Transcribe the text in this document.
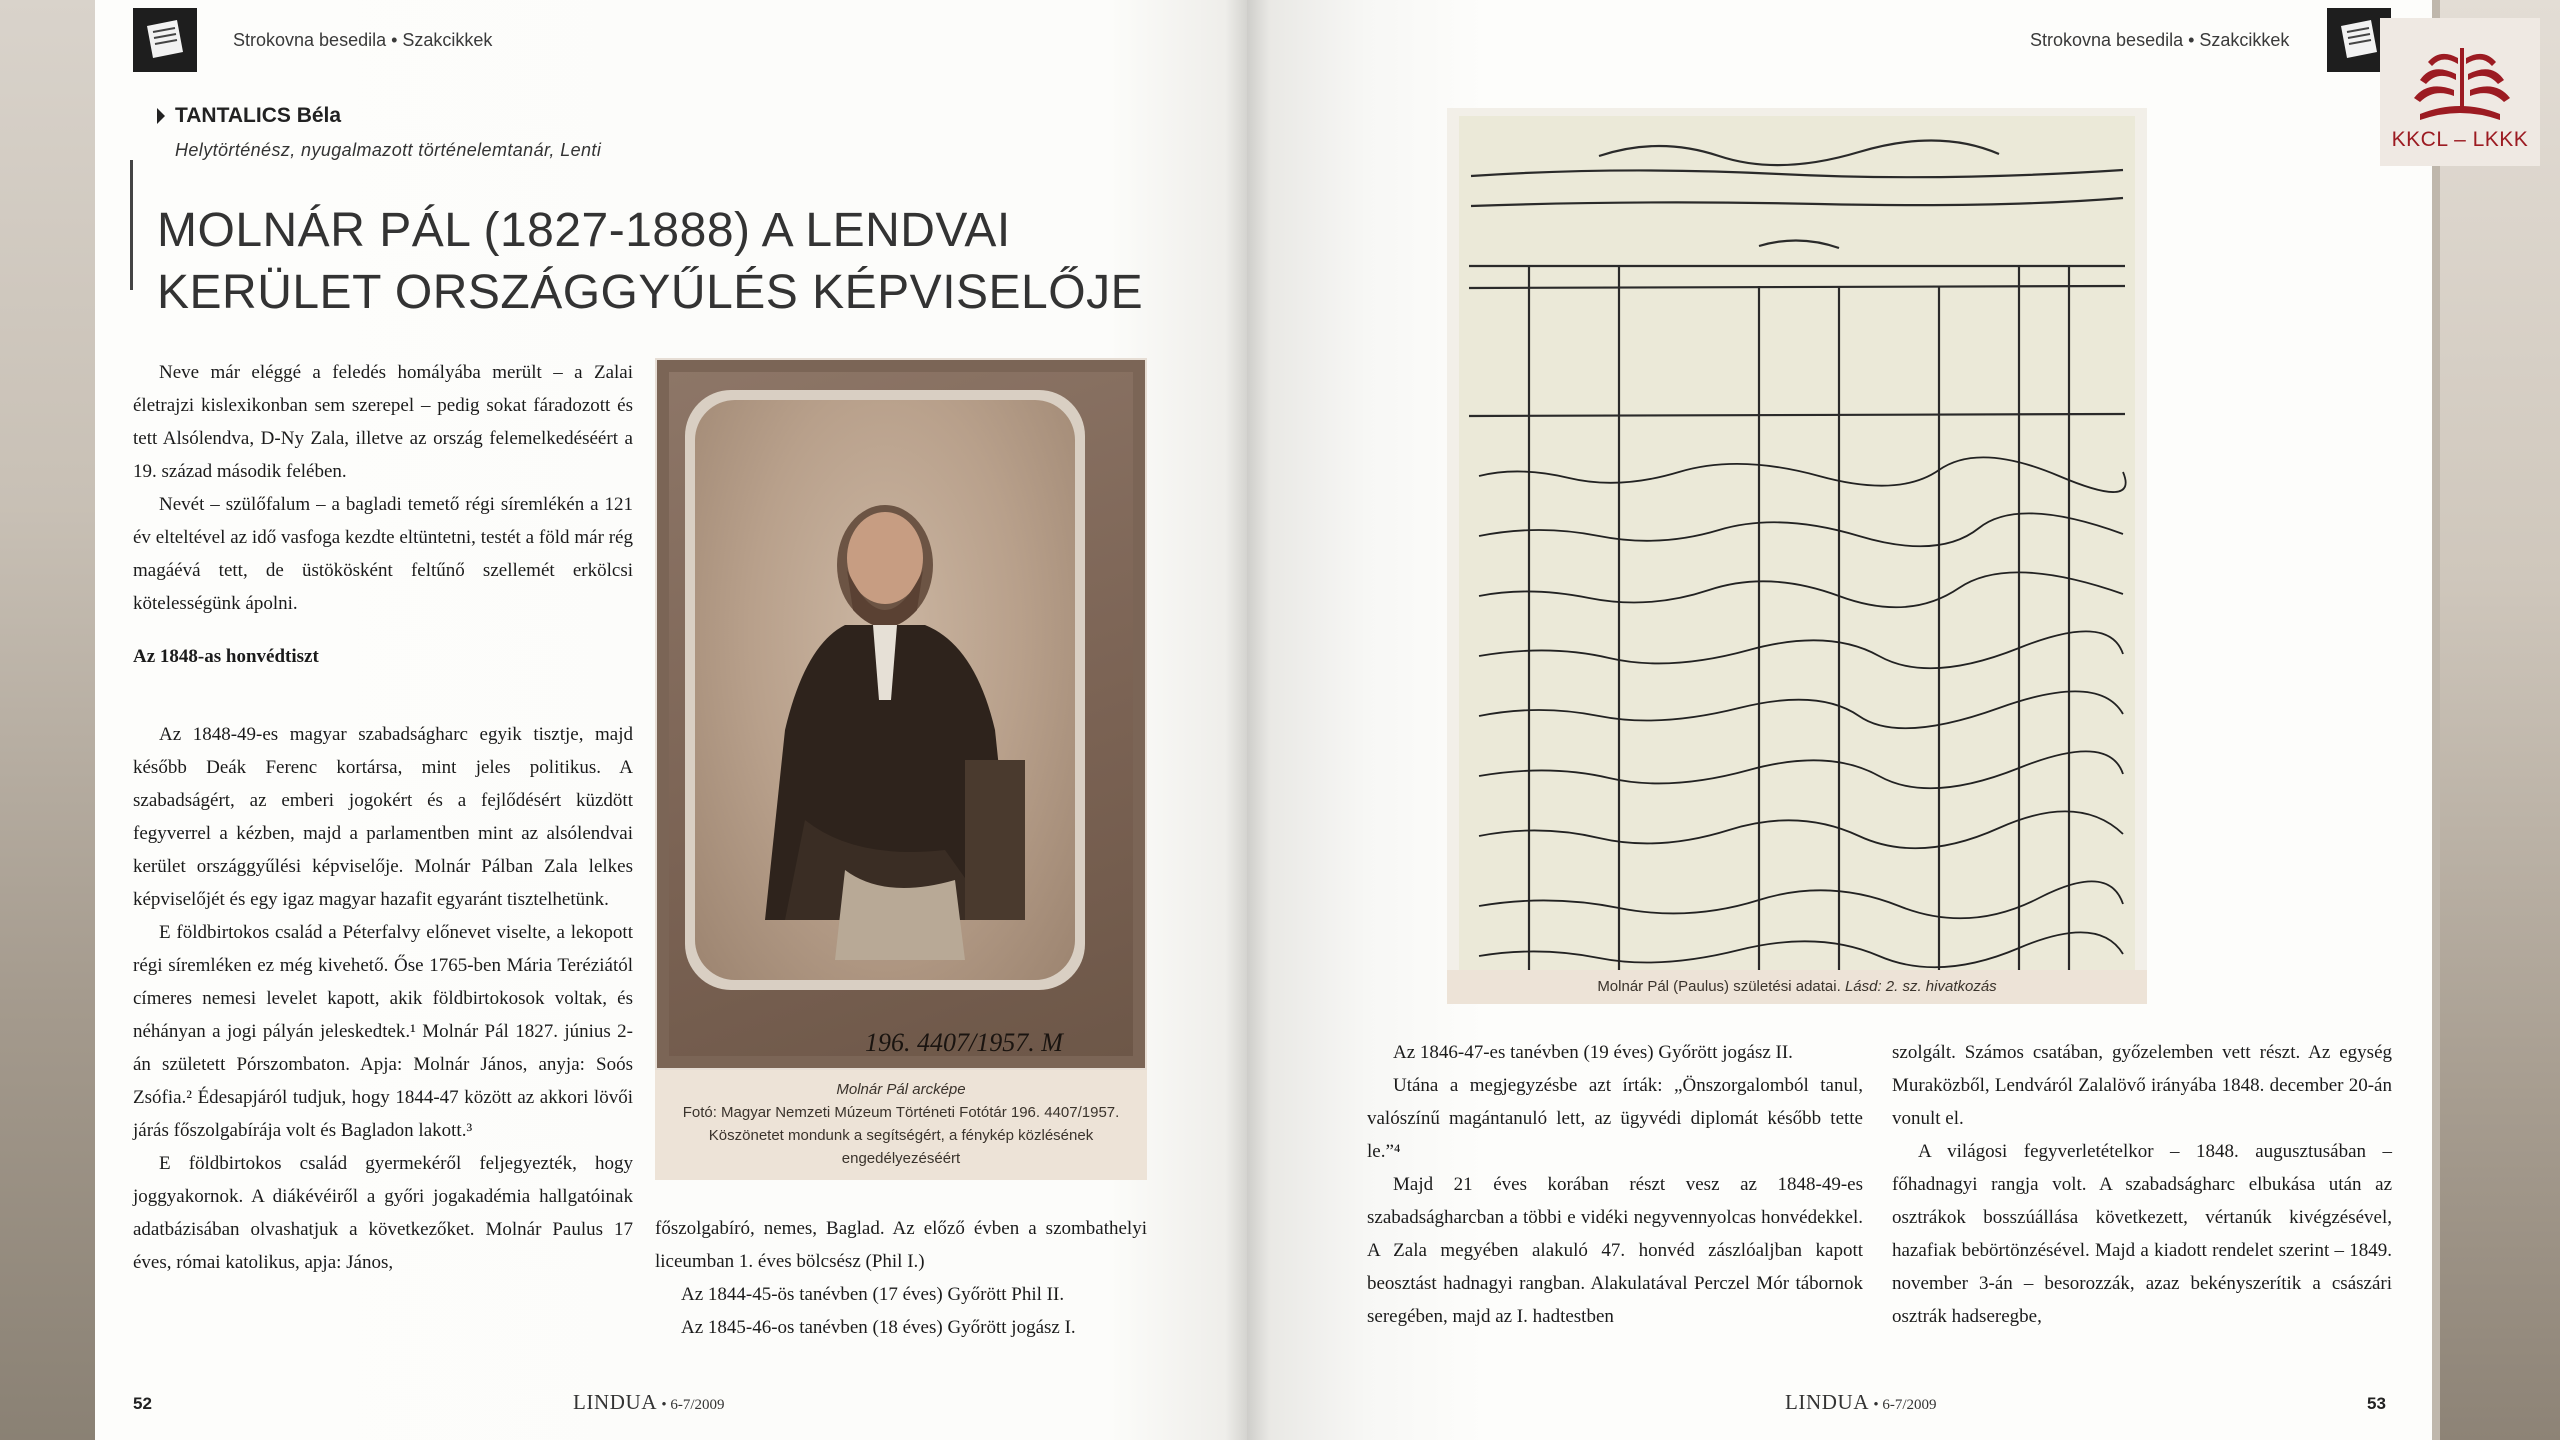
Strokovna besedila • Szakcikkek
TANTALICS Béla
Helytörténész, nyugalmazott történelemtanár, Lenti
MOLNÁR PÁL (1827-1888) A LENDVAI
KERÜLET ORSZÁGGYŰLÉS KÉPVISELŐJE

Neve már eléggé a feledés homályába merült – a Zalai életrajzi kislexikonban sem szerepel – pedig sokat fáradozott és tett Alsólendva, D-Ny Zala, illetve az ország felemelkedéséért a 19. század második felében.

Nevét – szülőfalum – a bagladi temető régi síremlékén a 121 év elteltével az idő vasfoga kezdte eltüntetni, testét a föld már rég magáévá tett, de üstökösként feltűnő szellemét erkölcsi kötelességünk ápolni.

Az 1848-as honvédtiszt

Az 1848-49-es magyar szabadságharc egyik tisztje, majd később Deák Ferenc kortársa, mint jeles politikus. A szabadságért, az emberi jogokért és a fejlődésért küzdött fegyverrel a kézben, majd a parlamentben mint az alsólendvai kerület országgyűlési képviselője. Molnár Pálban Zala lelkes képviselőjét és egy igaz magyar hazafit egyaránt tisztelhetünk.

E földbirtokos család a Péterfalvy előnevet viselte, a lekopott régi síremléken ez még kivehető. Őse 1765-ben Mária Teréziától címeres nemesi levelet kapott, akik földbirtokosok voltak, és néhányan a jogi pályán jeleskedtek.¹ Molnár Pál 1827. június 2-án született Pórszombaton. Apja: Molnár János, anyja: Soós Zsófia.² Édesapjáról tudjuk, hogy 1844-47 között az akkori lövői járás főszolgabírája volt és Bagladon lakott.³

E földbirtokos család gyermekéről feljegyezték, hogy joggyakornok. A diákévéiről a győri jogakadémia hallgatóinak adatbázisában olvashatjuk a következőket. Molnár Paulus 17 éves, római katolikus, apja: János,

196. 4407/1957. M
Molnár Pál arcképe
Fotó: Magyar Nemzeti Múzeum Történeti Fotótár 196. 4407/1957.
Köszönetet mondunk a segítségért, a fénykép közlésének
engedélyezéséért

főszolgabíró, nemes, Baglad. Az előző évben a szombathelyi liceumban 1. éves bölcsész (Phil I.)

Az 1844-45-ös tanévben (17 éves) Győrött Phil II.

Az 1845-46-os tanévben (18 éves) Győrött jogász I.

52	LINDUA • 6-7/2009
Strokovna besedila • Szakcikkek
Molnár Pál (Paulus) születési adatai. Lásd: 2. sz. hivatkozás

Az 1846-47-es tanévben (19 éves) Győrött jogász II.

Utána a megjegyzésbe azt írták: „Önszorgalomból tanul, valószínű magántanuló lett, az ügyvédi diplomát később tette le.”⁴

Majd 21 éves korában részt vesz az 1848-49-es szabadságharcban a többi e vidéki negyvennyolcas honvédekkel. A Zala megyében alakuló 47. honvéd zászlóaljban kapott beosztást hadnagyi rangban. Alakulatával Perczel Mór tábornok seregében, majd az I. hadtestben

szolgált. Számos csatában, győzelemben vett részt. Az egység Muraközből, Lendváról Zalalövő irányába 1848. december 20-án vonult el.

A világosi fegyverletételkor – 1848. augusztusában – főhadnagyi rangja volt. A szabadságharc elbukása után az osztrákok bosszúállása következett, vértanúk kivégzésével, hazafiak bebörtönzésével. Majd a kiadott rendelet szerint – 1849. november 3-án – besorozzák, azaz bekényszerítik a császári osztrák hadseregbe,

LINDUA • 6-7/2009	53
KKCL – LKKK
